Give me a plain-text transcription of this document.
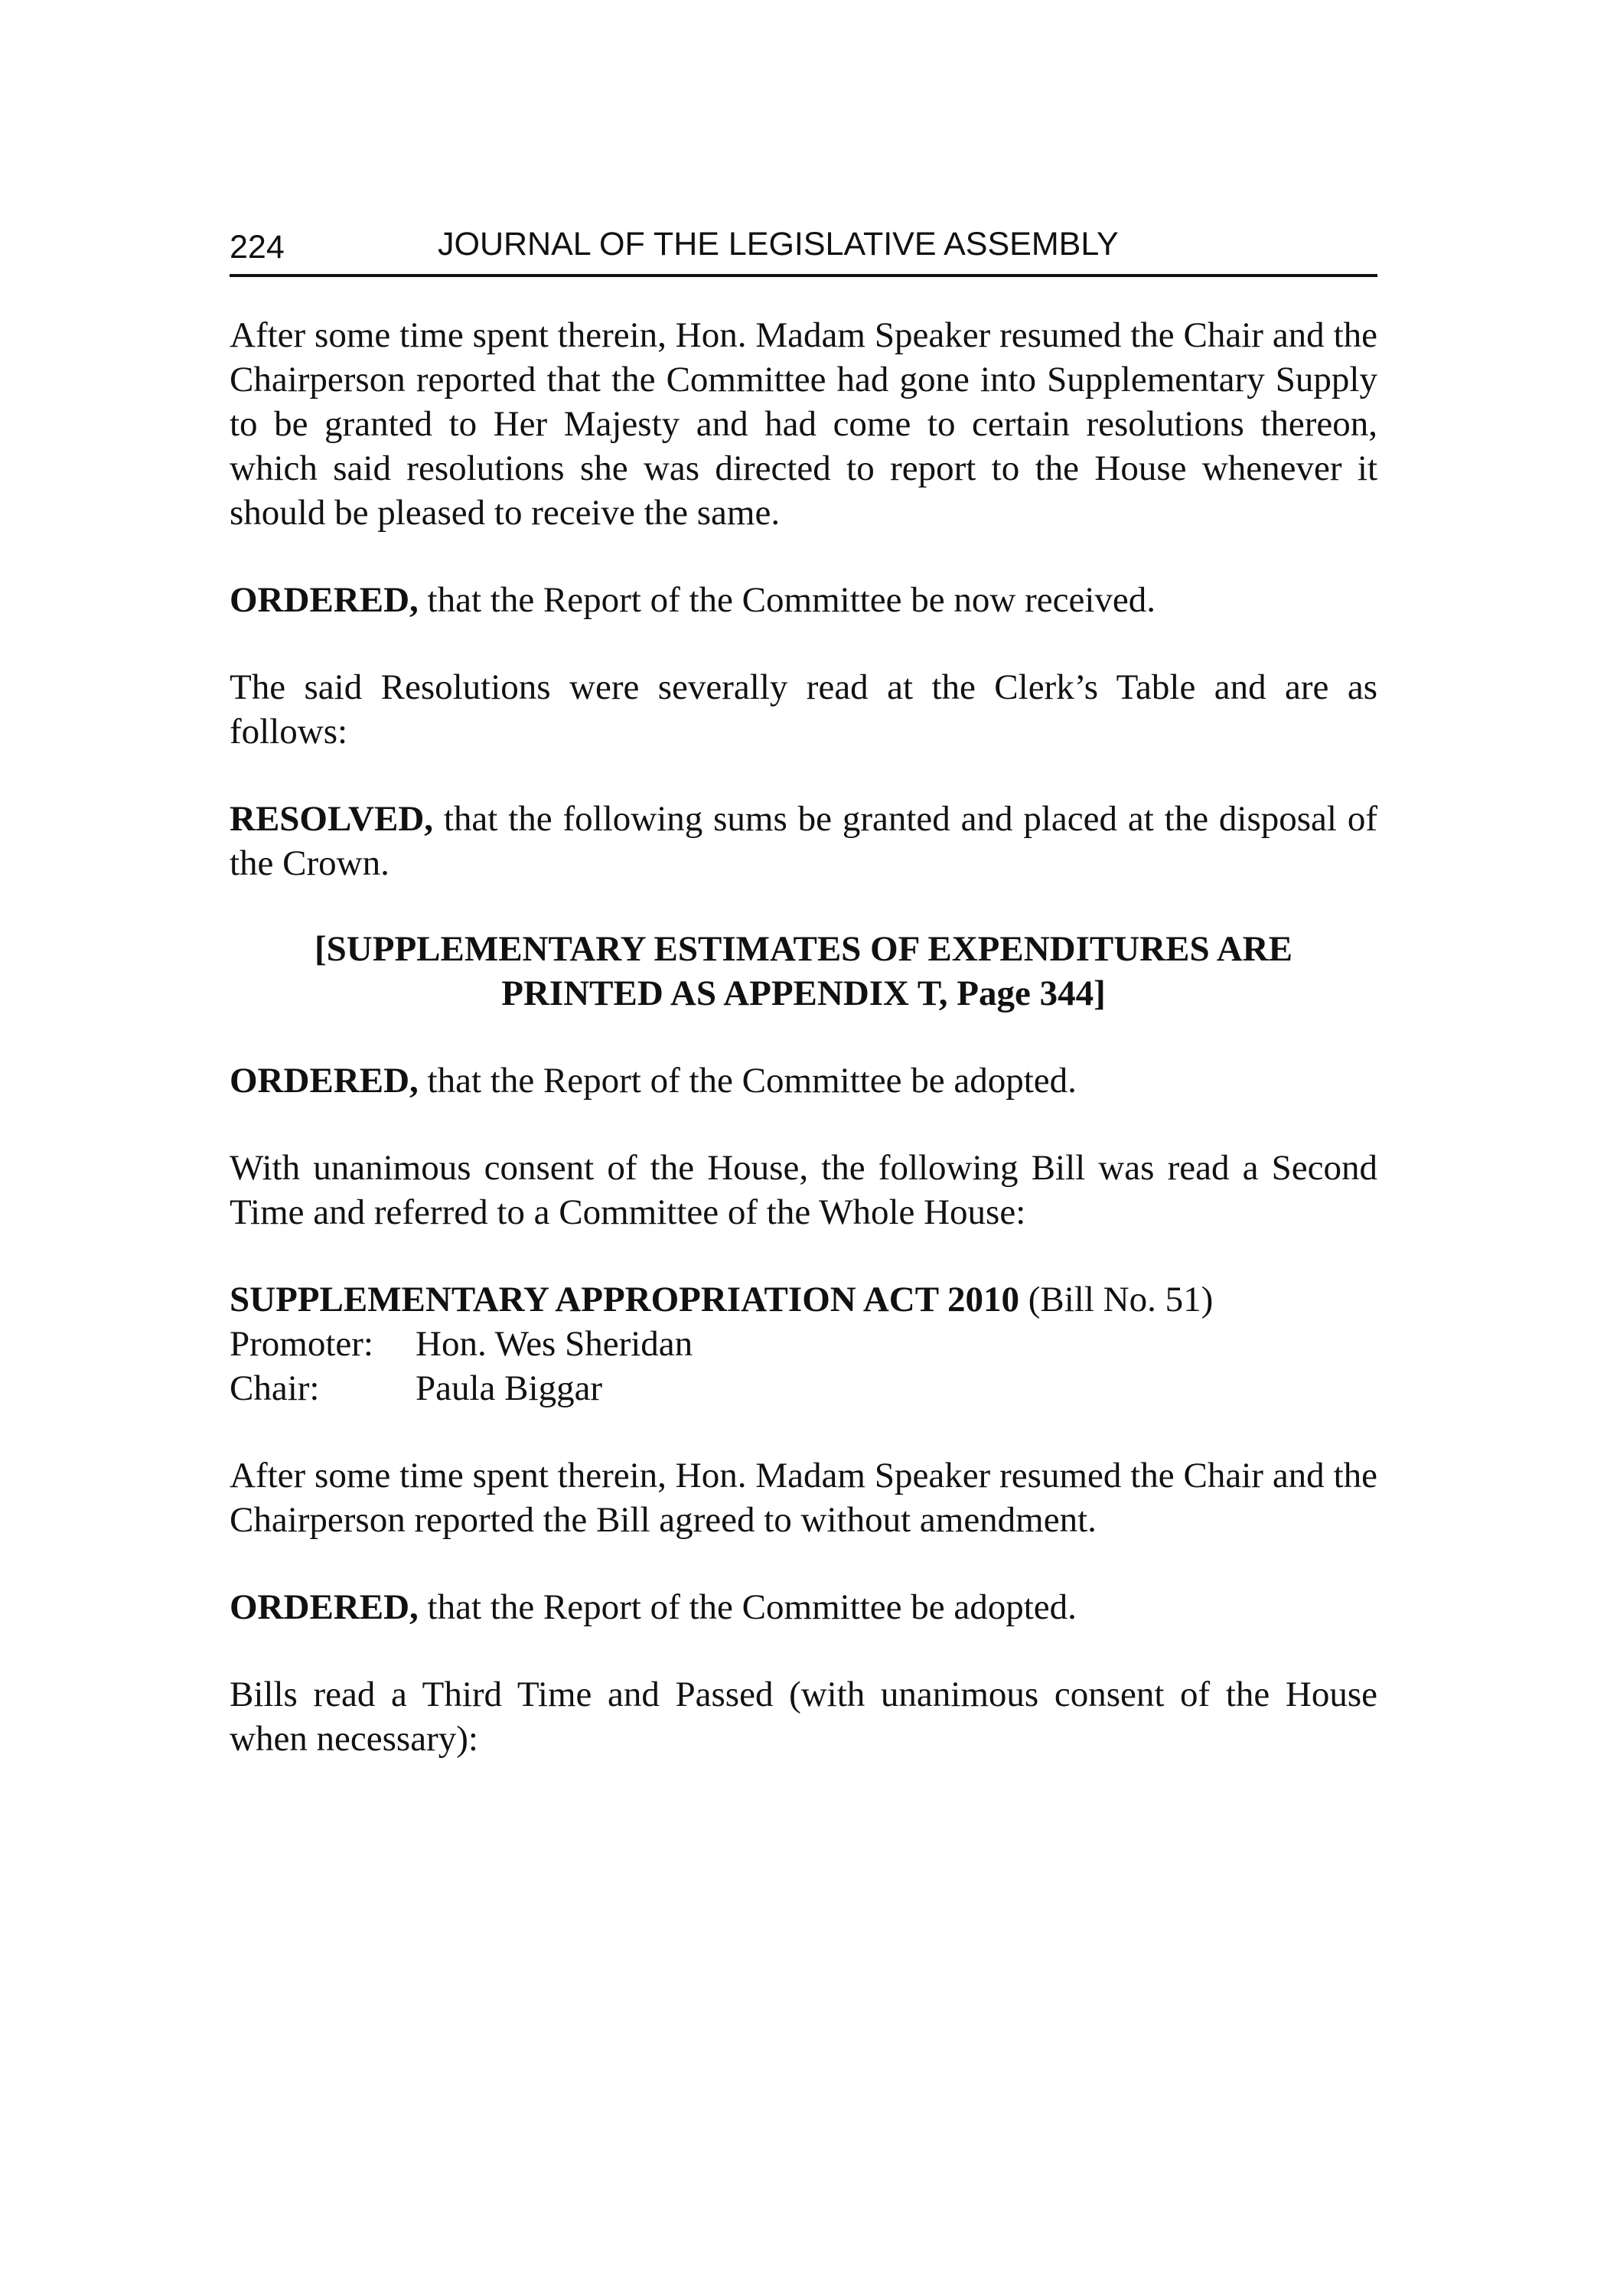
224	JOURNAL OF THE LEGISLATIVE ASSEMBLY

After some time spent therein, Hon. Madam Speaker resumed the Chair and the Chairperson reported that the Committee had gone into Supplementary Supply to be granted to Her Majesty and had come to certain resolutions thereon, which said resolutions she was directed to report to the House whenever it should be pleased to receive the same.

ORDERED, that the Report of the Committee be now received.

The said Resolutions were severally read at the Clerk’s Table and are as follows:

RESOLVED, that the following sums be granted and placed at the disposal of the Crown.

[SUPPLEMENTARY ESTIMATES OF EXPENDITURES ARE

PRINTED AS APPENDIX T, Page 344]

ORDERED, that the Report of the Committee be adopted.

With unanimous consent of the House, the following Bill was read a Second Time and referred to a Committee of the Whole House:

SUPPLEMENTARY APPROPRIATION ACT 2010 (Bill No. 51)

Promoter:	Hon. Wes Sheridan
Chair:	Paula Biggar

After some time spent therein, Hon. Madam Speaker resumed the Chair and the Chairperson reported the Bill agreed to without amendment.

ORDERED, that the Report of the Committee be adopted.

Bills read a Third Time and Passed (with unanimous consent of the House when necessary):
